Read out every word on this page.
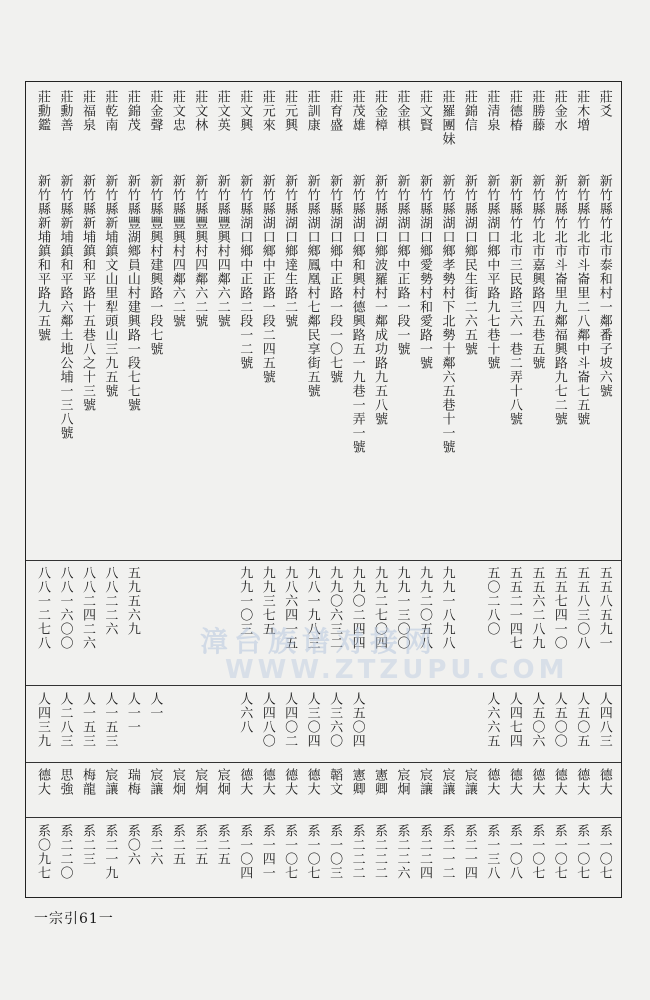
莊爻
莊木增
莊金水
莊勝藤
莊德椿
莊清泉
莊錦信
莊羅團妹
莊文賢
莊金棋
莊金樟
莊茂雄
莊育盛
莊訓康
莊元興
莊元來
莊文興
莊文英
莊文林
莊文忠
莊金聲
莊錦茂
莊乾南
莊福泉
莊勳善
莊勳鑑
新竹縣竹北市泰和村一鄰番子坡六號
新竹縣竹北市斗崙里二八鄰中斗崙七五號
新竹縣竹北市斗崙里九鄰福興路九七二號
新竹縣竹北市嘉興路四五巷五號
新竹縣竹北市三民路三六一巷二弄十八號
新竹縣湖口鄉中平路九七巷十號
新竹縣湖口鄉民生街二六五號
新竹縣湖口鄉孝勢村下北勢十鄰六五巷十一號
新竹縣湖口鄉愛勢村和愛路一號
新竹縣湖口鄉中正路一段一號
新竹縣湖口鄉波羅村一鄰成功路九五八號
新竹縣湖口鄉和興村德興路五一九巷一弄一號
新竹縣湖口鄉中正路一段一〇七號
新竹縣湖口鄉鳳凰村七鄰民享街五號
新竹縣湖口鄉達生路二號
新竹縣湖口鄉中正路一段二四五號
新竹縣湖口鄉中正路二段一二號
新竹縣豐興村四鄰六二號
新竹縣豐興村四鄰六二號
新竹縣豐興村四鄰六二號
新竹縣豐興村建興路一段七號
新竹縣豐湖鄉員山村建興路一段七七號
新竹縣新埔鎮文山里犁頭山三九五號
新竹縣新埔鎮和平路十五巷八之十三號
新竹縣新埔鎮和平路六鄰土地公埔一三八號
新竹縣新埔鎮和平路九五號
五五八五九一
五五八三〇八
五五七四一〇
五五六二八九
五五二一四七
五〇二八〇
九九一八九八
九九二〇五八
九九一三〇〇
九九二七〇四
九九〇二四四
九九〇六三二
九八一九八三
九八六四一五
九九三七五
九九一〇三
五九五六九
八八二二六
八八二四二六
八八一六〇〇
八八一二七八
人四八三
人五〇五
人五〇〇
人五〇六
人四七四
人六六五
人五〇四
人三六〇
人三〇四
人四〇二
人四八〇
人六八
人一
人一一
人一五三
人一五三
人二八三
人四三九
德大
德大
德大
德大
德大
德大
宸讓
宸讓
宸讓
宸炯
憲卿
憲卿
韜文
德大
德大
德大
德大
宸炯
宸炯
宸炯
宸讓
瑞梅
宸讓
梅龍
思強
德大
系一〇七
系一〇七
系一〇七
系一〇七
系一〇八
系一三八
系二一四
系二一二
系二二四
系二二六
系二二二
系二二二
系一〇三
系一〇七
系一〇七
系一四一
系一〇四
系二五
系二五
系二五
系二六
系〇六
系二一九
系二三
系二二〇
系〇九七
漳台族谱对接网
WWW.ZTZUPU.COM
一宗引61一
